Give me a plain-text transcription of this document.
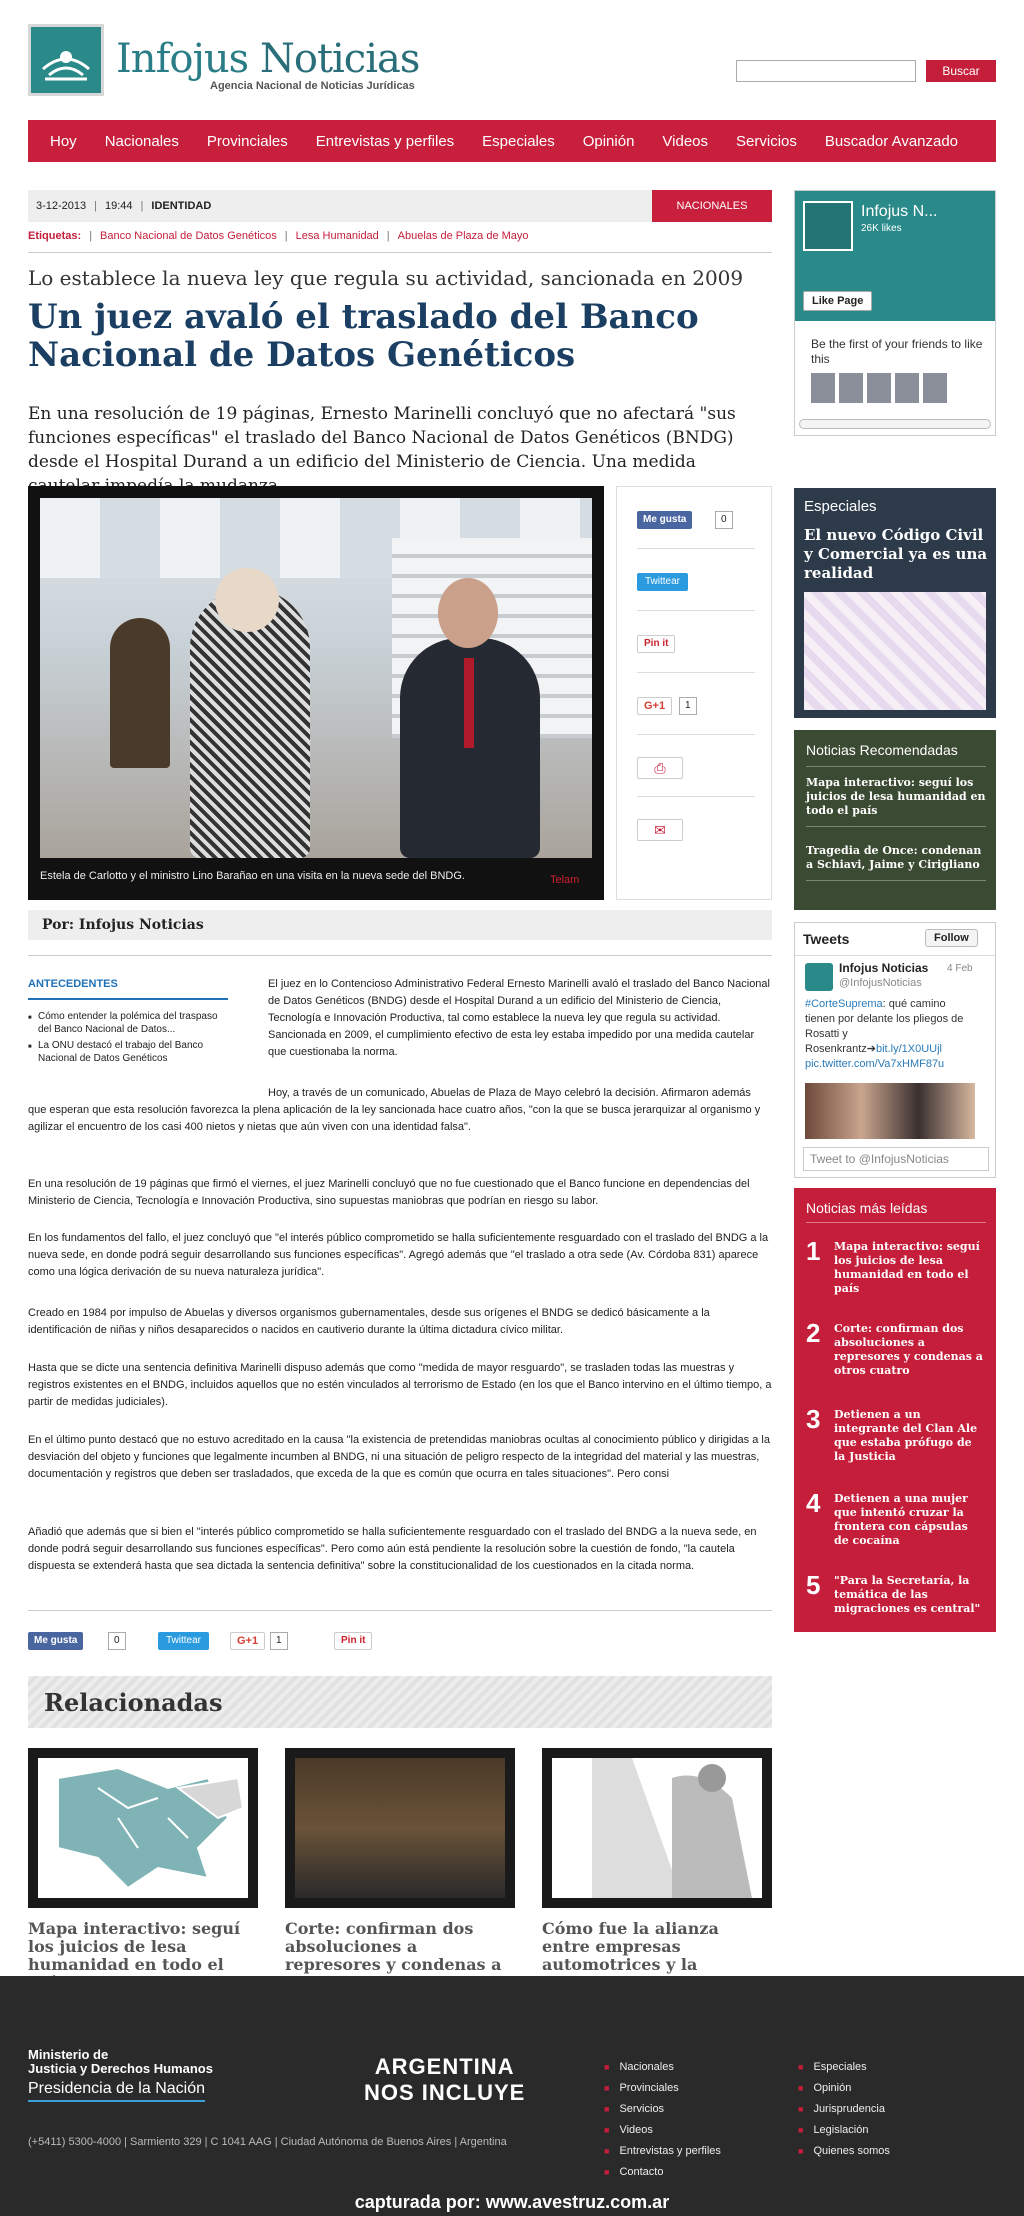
Infojus Noticias
Agencia Nacional de Noticias Jurídicas
Buscar
Hoy	Nacionales	Provinciales	Entrevistas y perfiles	Especiales	Opinión	Videos	Servicios	Buscador Avanzado
3-12-2013 | 19:44 | IDENTIDAD	NACIONALES
Etiquetas: | Banco Nacional de Datos Genéticos | Lesa Humanidad | Abuelas de Plaza de Mayo
Lo establece la nueva ley que regula su actividad, sancionada en 2009
Un juez avaló el traslado del Banco Nacional de Datos Genéticos
En una resolución de 19 páginas, Ernesto Marinelli concluyó que no afectará "sus funciones específicas" el traslado del Banco Nacional de Datos Genéticos (BNDG) desde el Hospital Durand a un edificio del Ministerio de Ciencia. Una medida
Estela de Carlotto y el ministro Lino Barañao en una visita en la nueva sede del BNDG.	Telam
Me gusta	0
Twittear
Pin it
G+1	1
⎙
✉
Por: Infojus Noticias
ANTECEDENTES
■ Cómo entender la polémica del traspaso del Banco Nacional de Datos...
■ La ONU destacó el trabajo del Banco Nacional de Datos Genéticos
El juez en lo Contencioso Administrativo Federal Ernesto Marinelli avaló el traslado del Banco Nacional de Datos Genéticos (BNDG) desde el Hospital Durand a un edificio del Ministerio de Ciencia, Tecnología e Innovación Productiva, tal como establece la nueva ley que regula su actividad. Sancionada en 2009, el cumplimiento efectivo de esta ley estaba impedido por una medida cautelar que cuestionaba la norma.
Hoy, a través de un comunicado, Abuelas de Plaza de Mayo celebró la decisión. Afirmaron además que esperan que esta resolución favorezca la plena aplicación de la ley sancionada hace cuatro años, "con la que se busca jerarquizar al organismo y agilizar el encuentro de los casi 400 nietos y nietas que aún viven con una identidad falsa".
En una resolución de 19 páginas que firmó el viernes, el juez Marinelli concluyó que no fue cuestionado que el Banco funcione en dependencias del Ministerio de Ciencia, Tecnología e Innovación Productiva, sino supuestas maniobras que podrían en riesgo su labor.
En los fundamentos del fallo, el juez concluyó que "el interés público comprometido se halla suficientemente resguardado con el traslado del BNDG a la nueva sede, en donde podrá seguir desarrollando sus funciones específicas". Agregó además que "el traslado a otra sede (Av. Córdoba 831) aparece como una lógica derivación de su nueva naturaleza jurídica".
Creado en 1984 por impulso de Abuelas y diversos organismos gubernamentales, desde sus orígenes el BNDG se dedicó básicamente a la identificación de niñas y niños desaparecidos o nacidos en cautiverio durante la última dictadura cívico militar.
Hasta que se dicte una sentencia definitiva Marinelli dispuso además que como "medida de mayor resguardo", se trasladen todas las muestras y registros existentes en el BNDG, incluidos aquellos que no estén vinculados al terrorismo de Estado (en los que el Banco intervino en el último tiempo, a partir de medidas judiciales).
En el último punto destacó que no estuvo acreditado en la causa "la existencia de pretendidas maniobras ocultas al conocimiento público y dirigidas a la desviación del objeto y funciones que legalmente incumben al BNDG, ni una situación de peligro respecto de la integridad del material y las muestras, documentación y registros que deben ser trasladados, que exceda de la que es común que ocurra en tales situaciones". Pero consi
Añadió que además que si bien el "interés público comprometido se halla suficientemente resguardado con el traslado del BNDG a la nueva sede, en donde podrá seguir desarrollando sus funciones específicas". Pero como aún está pendiente la resolución sobre la cuestión de fondo, "la cautela dispuesta se extenderá hasta que sea dictada la sentencia definitiva" sobre la constitucionalidad de los cuestionados en la citada norma.
Me gusta	0	Twittear	G+1	1	Pin it
Relacionadas
Mapa interactivo: seguí los juicios de lesa humanidad en todo el
Corte: confirman dos absoluciones a represores y condenas a
Cómo fue la alianza entre empresas automotrices y la
Infojus N...
26K likes
Like Page
Be the first of your friends to like this
Especiales
El nuevo Código Civil y Comercial ya es una realidad
Noticias Recomendadas
Mapa interactivo: seguí los juicios de lesa humanidad en todo el país
Tragedia de Once: condenan a Schiavi, Jaime y Cirigliano
Tweets	Follow
Infojus Noticias
@InfojusNoticias
4 Feb
#CorteSuprema: qué camino tienen por delante los pliegos de Rosatti y Rosenkrantz➔bit.ly/1X0UUjl pic.twitter.com/Va7xHMF87u
Tweet to @InfojusNoticias
Noticias más leídas
1 Mapa interactivo: seguí los juicios de lesa humanidad en todo el país
2 Corte: confirman dos absoluciones a represores y condenas a otros cuatro
3 Detienen a un integrante del Clan Ale que estaba prófugo de la Justicia
4 Detienen a una mujer que intentó cruzar la frontera con cápsulas de cocaína
5 "Para la Secretaría, la temática de las migraciones es central"
Ministerio de
Justicia y Derechos Humanos
Presidencia de la Nación
ARGENTINA
NOS INCLUYE
(+5411) 5300-4000 | Sarmiento 329 | C 1041 AAG | Ciudad Autónoma de Buenos Aires | Argentina
■ Nacionales
■ Provinciales
■ Servicios
■ Videos
■ Entrevistas y perfiles
■ Contacto
■ Especiales
■ Opinión
■ Jurisprudencia
■ Legislación
■ Quienes somos
capturada por: www.avestruz.com.ar
